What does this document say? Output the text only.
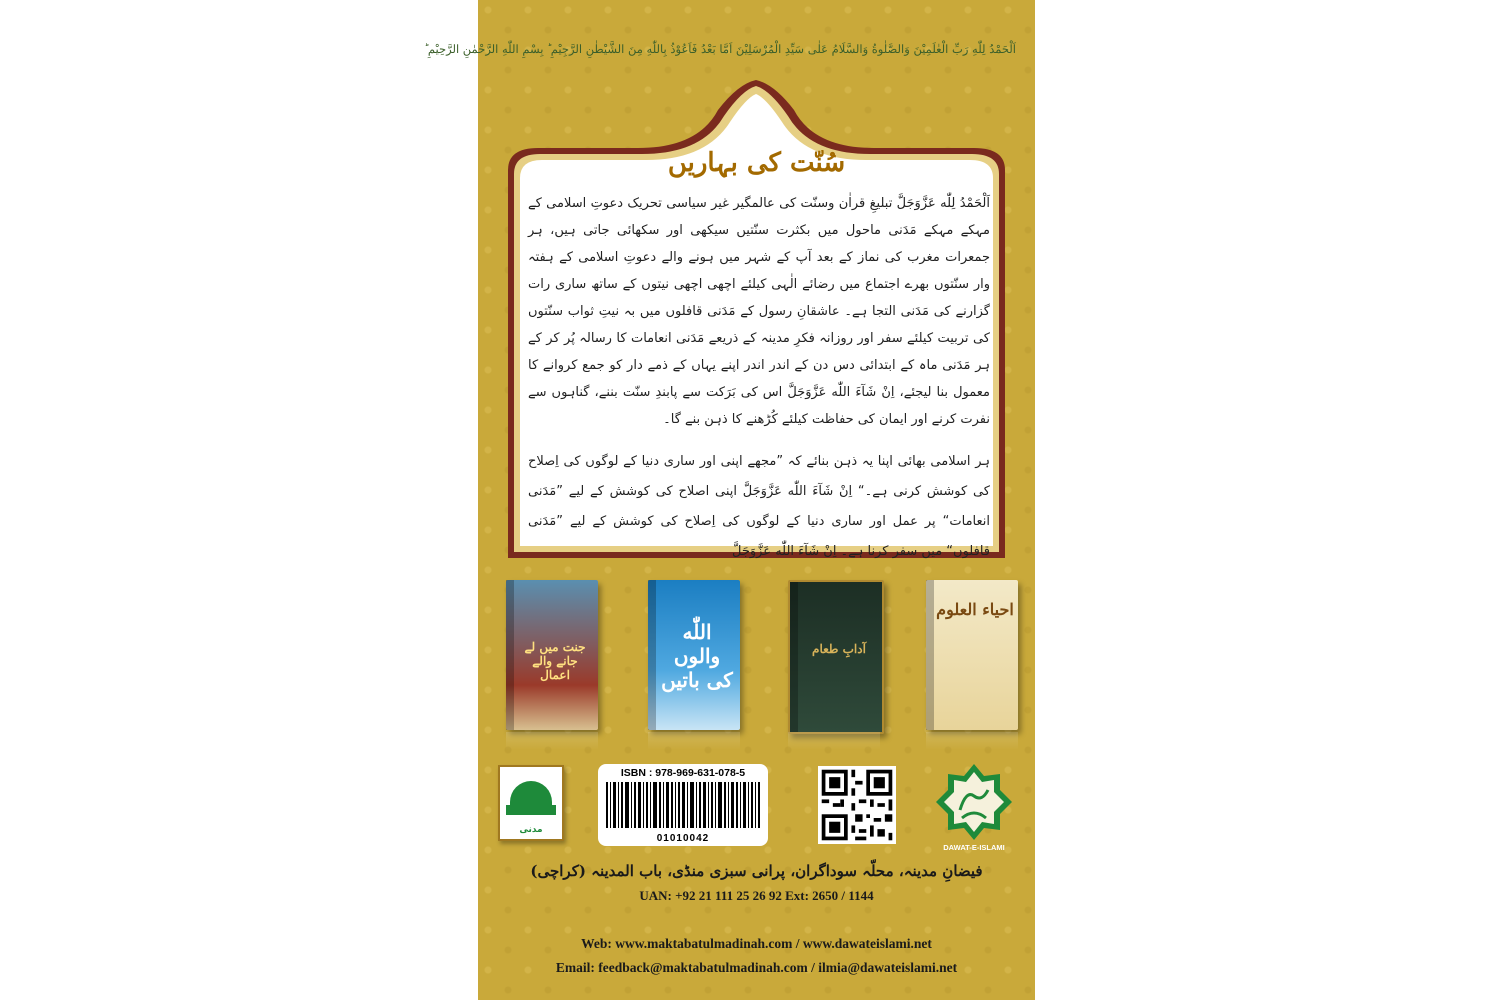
اَلْحَمْدُ لِلّٰهِ رَبِّ الْعٰلَمِیْنَ وَالصَّلٰوةُ وَالسَّلَامُ عَلٰی سَیِّدِ الْمُرْسَلِیْنَ اَمَّا بَعْدُ فَاَعُوْذُ بِاللّٰهِ مِنَ الشَّیْطٰنِ الرَّجِیْمِ ؕ بِسْمِ اللّٰهِ الرَّحْمٰنِ الرَّحِیْمِ ؕ
سُنّت کی بہاریں

اَلْحَمْدُ لِلّٰه عَزَّوَجَلَّ تبلیغِ قراٰن وسنّت کی عالمگیر غیر سیاسی تحریک دعوتِ اسلامی کے مہکے مہکے مَدَنی ماحول میں بکثرت سنّتیں سیکھی اور سکھائی جاتی ہیں، ہر جمعرات مغرب کی نماز کے بعد آپ کے شہر میں ہونے والے دعوتِ اسلامی کے ہفتہ وار سنّتوں بھرے اجتماع میں رضائے الٰہی کیلئے اچھی اچھی نیتوں کے ساتھ ساری رات گزارنے کی مَدَنی التجا ہے۔ عاشقانِ رسول کے مَدَنی قافلوں میں بہ نیتِ ثواب سنّتوں کی تربیت کیلئے سفر اور روزانہ فکرِ مدینہ کے ذریعے مَدَنی انعامات کا رسالہ پُر کر کے ہر مَدَنی ماہ کے ابتدائی دس دن کے اندر اندر اپنے یہاں کے ذمے دار کو جمع کروانے کا معمول بنا لیجئے، اِنْ شَآءَ اللّٰه عَزَّوَجَلَّ اس کی بَرَکت سے پابندِ سنّت بننے، گناہوں سے نفرت کرنے اور ایمان کی حفاظت کیلئے کُڑھنے کا ذہن بنے گا۔

ہر اسلامی بھائی اپنا یہ ذہن بنائے کہ ”مجھے اپنی اور ساری دنیا کے لوگوں کی اِصلاح کی کوشش کرنی ہے۔“ اِنْ شَآءَ اللّٰه عَزَّوَجَلَّ اپنی اصلاح کی کوشش کے لیے ”مَدَنی انعامات“ پر عمل اور ساری دنیا کے لوگوں کی اِصلاح کی کوشش کے لیے ”مَدَنی قافلوں“ میں سفر کرنا ہے۔ اِنْ شَآءَ اللّٰه عَزَّوَجَلَّ

جنت میں لے جانے والے اعمال
اللّٰه والوں کی باتیں
آدابِ طعام
احیاء العلوم
مدنی
ISBN : 978-969-631-078-5
01010042
DAWAT-E-ISLAMI
فیضانِ مدینہ، محلّہ سوداگران، پرانی سبزی منڈی، باب المدینہ (کراچی)
UAN: +92 21 111 25 26 92 Ext: 2650 / 1144
Web: www.maktabatulmadinah.com / www.dawateislami.net
Email: feedback@maktabatulmadinah.com / ilmia@dawateislami.net
